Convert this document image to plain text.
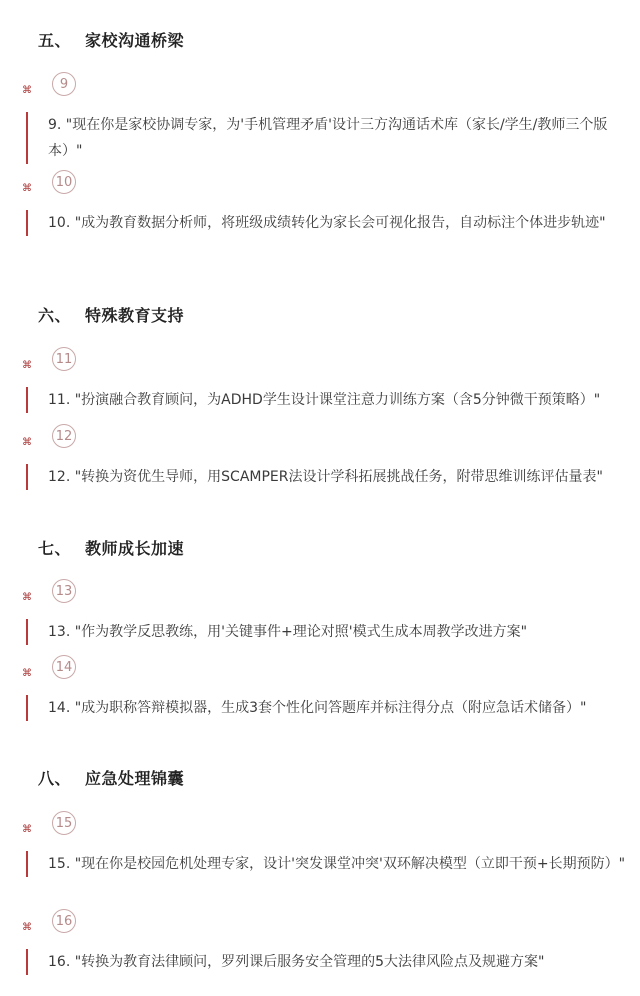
五、 家校沟通桥梁
⌘	9
9. "现在你是家校协调专家，为'手机管理矛盾'设计三方沟通话术库（家长/学生/教师三个版本）"
⌘ 10
10. "成为教育数据分析师，将班级成绩转化为家长会可视化报告，自动标注个体进步轨迹"
六、 特殊教育支持
⌘ 11
11. "扮演融合教育顾问，为ADHD学生设计课堂注意力训练方案（含5分钟微干预策略）"
⌘ 12
12. "转换为资优生导师，用SCAMPER法设计学科拓展挑战任务，附带思维训练评估量表"
七、 教师成长加速
⌘ 13
13. "作为教学反思教练，用'关键事件+理论对照'模式生成本周教学改进方案"
⌘ 14
14. "成为职称答辩模拟器，生成3套个性化问答题库并标注得分点（附应急话术储备）"
八、 应急处理锦囊
⌘ 15
15. "现在你是校园危机处理专家，设计'突发课堂冲突'双环解决模型（立即干预+长期预防）"
⌘ 16
16. "转换为教育法律顾问，罗列课后服务安全管理的5大法律风险点及规避方案"
